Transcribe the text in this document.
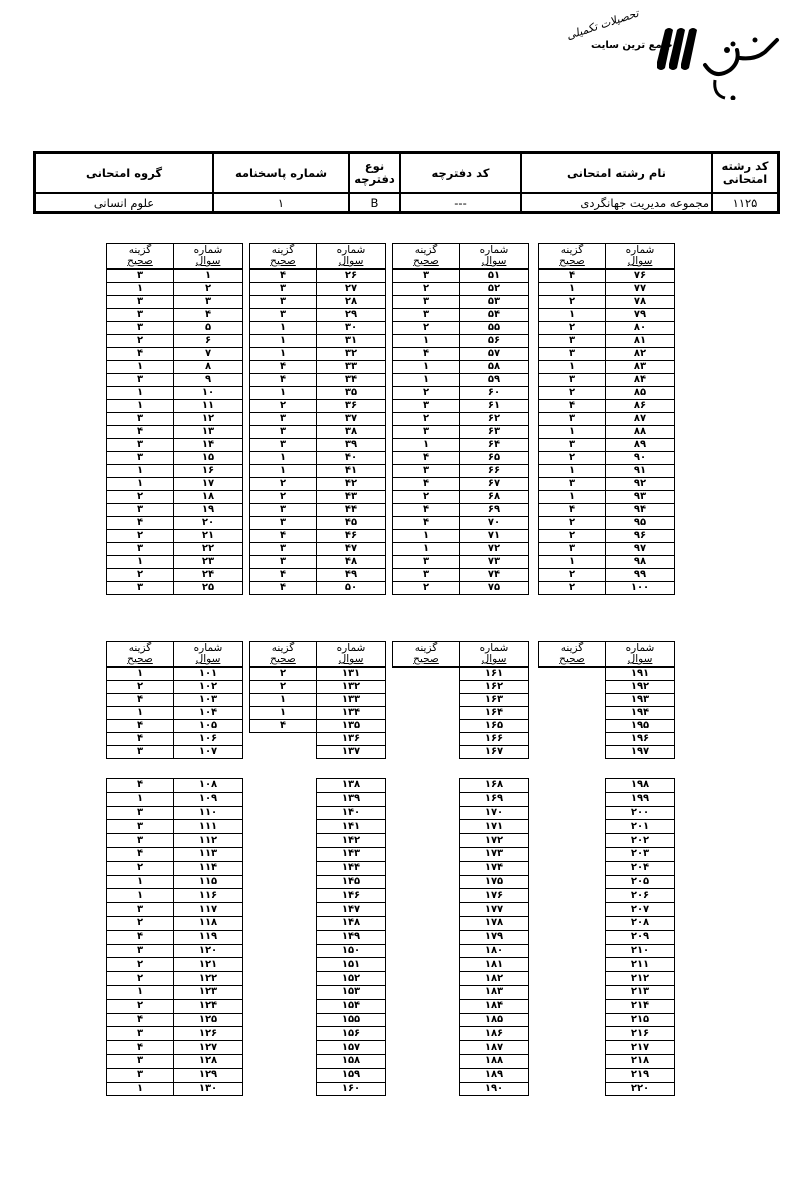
جامع ترین سایت
تحصیلات تکمیلی
کد رشته امتحانی	نام رشته امتحانی	کد دفترچه	نوع دفترچه	شماره پاسخنامه	گروه امتحانی
۱۱۲۵	مجموعه مدیریت جهانگردی	---	B	۱	علوم انسانی
شماره
سوال	گزینه
صحیح
۱	۳
۲	۱
۳	۳
۴	۳
۵	۳
۶	۲
۷	۴
۸	۱
۹	۳
۱۰	۱
۱۱	۱
۱۲	۳
۱۳	۴
۱۴	۳
۱۵	۳
۱۶	۱
۱۷	۱
۱۸	۲
۱۹	۳
۲۰	۴
۲۱	۲
۲۲	۳
۲۳	۱
۲۴	۲
۲۵	۳
شماره
سوال	گزینه
صحیح
۲۶	۴
۲۷	۳
۲۸	۳
۲۹	۳
۳۰	۱
۳۱	۱
۳۲	۱
۳۳	۴
۳۴	۴
۳۵	۱
۳۶	۲
۳۷	۳
۳۸	۳
۳۹	۳
۴۰	۱
۴۱	۱
۴۲	۲
۴۳	۲
۴۴	۳
۴۵	۳
۴۶	۴
۴۷	۳
۴۸	۳
۴۹	۴
۵۰	۴
شماره
سوال	گزینه
صحیح
۵۱	۳
۵۲	۲
۵۳	۳
۵۴	۳
۵۵	۲
۵۶	۱
۵۷	۴
۵۸	۱
۵۹	۱
۶۰	۲
۶۱	۳
۶۲	۲
۶۳	۳
۶۴	۱
۶۵	۴
۶۶	۳
۶۷	۴
۶۸	۲
۶۹	۴
۷۰	۴
۷۱	۱
۷۲	۱
۷۳	۳
۷۴	۳
۷۵	۲
شماره
سوال	گزینه
صحیح
۷۶	۴
۷۷	۱
۷۸	۲
۷۹	۱
۸۰	۲
۸۱	۳
۸۲	۳
۸۳	۱
۸۴	۳
۸۵	۲
۸۶	۴
۸۷	۳
۸۸	۱
۸۹	۳
۹۰	۲
۹۱	۱
۹۲	۳
۹۳	۱
۹۴	۴
۹۵	۲
۹۶	۲
۹۷	۳
۹۸	۱
۹۹	۲
۱۰۰	۲
شماره
سوال	گزینه
صحیح
۱۰۱	۱
۱۰۲	۲
۱۰۳	۴
۱۰۴	۱
۱۰۵	۴
۱۰۶	۴
۱۰۷	۳
شماره
سوال	گزینه
صحیح
۱۳۱	۲
۱۳۲	۲
۱۳۳	۱
۱۳۴	۱
۱۳۵	۴
۱۳۶	
۱۳۷	
شماره
سوال	گزینه
صحیح
۱۶۱	
۱۶۲	
۱۶۳	
۱۶۴	
۱۶۵	
۱۶۶	
۱۶۷	
شماره
سوال	گزینه
صحیح
۱۹۱	
۱۹۲	
۱۹۳	
۱۹۴	
۱۹۵	
۱۹۶	
۱۹۷	
۱۰۸	۴
۱۰۹	۱
۱۱۰	۳
۱۱۱	۳
۱۱۲	۳
۱۱۳	۴
۱۱۴	۲
۱۱۵	۱
۱۱۶	۱
۱۱۷	۳
۱۱۸	۲
۱۱۹	۴
۱۲۰	۳
۱۲۱	۲
۱۲۲	۲
۱۲۳	۱
۱۲۴	۲
۱۲۵	۴
۱۲۶	۳
۱۲۷	۴
۱۲۸	۳
۱۲۹	۳
۱۳۰	۱
۱۳۸	
۱۳۹	
۱۴۰	
۱۴۱	
۱۴۲	
۱۴۳	
۱۴۴	
۱۴۵	
۱۴۶	
۱۴۷	
۱۴۸	
۱۴۹	
۱۵۰	
۱۵۱	
۱۵۲	
۱۵۳	
۱۵۴	
۱۵۵	
۱۵۶	
۱۵۷	
۱۵۸	
۱۵۹	
۱۶۰	
۱۶۸	
۱۶۹	
۱۷۰	
۱۷۱	
۱۷۲	
۱۷۳	
۱۷۴	
۱۷۵	
۱۷۶	
۱۷۷	
۱۷۸	
۱۷۹	
۱۸۰	
۱۸۱	
۱۸۲	
۱۸۳	
۱۸۴	
۱۸۵	
۱۸۶	
۱۸۷	
۱۸۸	
۱۸۹	
۱۹۰	
۱۹۸	
۱۹۹	
۲۰۰	
۲۰۱	
۲۰۲	
۲۰۳	
۲۰۴	
۲۰۵	
۲۰۶	
۲۰۷	
۲۰۸	
۲۰۹	
۲۱۰	
۲۱۱	
۲۱۲	
۲۱۳	
۲۱۴	
۲۱۵	
۲۱۶	
۲۱۷	
۲۱۸	
۲۱۹	
۲۲۰	
